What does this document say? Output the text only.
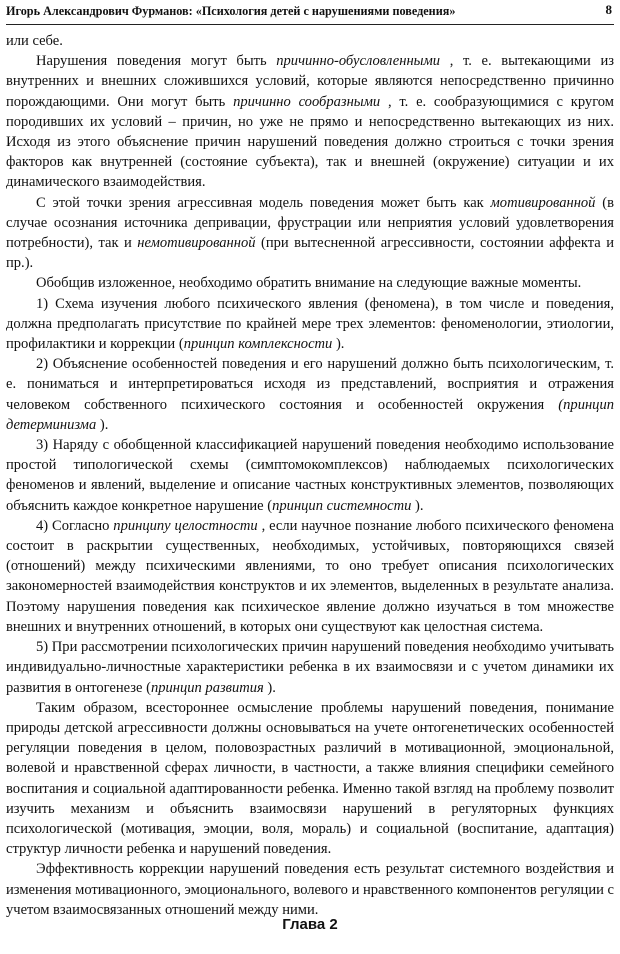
Игорь Александрович Фурманов: «Психология детей с нарушениями поведения»	8

или себе.

Нарушения поведения могут быть причинно-обусловленными , т. е. вытекающими из внутренних и внешних сложившихся условий, которые являются непосредственно причинно порождающими. Они могут быть причинно сообразными , т. е. сообразующимися с кругом породивших их условий – причин, но уже не прямо и непосредственно вытекающих из них. Исходя из этого объяснение причин нарушений поведения должно строиться с точки зрения факторов как внутренней (состояние субъекта), так и внешней (окружение) ситуации и их динамического взаимодействия.

С этой точки зрения агрессивная модель поведения может быть как мотивированной (в случае осознания источника депривации, фрустрации или неприятия условий удовлетворения потребности), так и немотивированной (при вытесненной агрессивности, состоянии аффекта и пр.).

Обобщив изложенное, необходимо обратить внимание на следующие важные моменты.

1) Схема изучения любого психического явления (феномена), в том числе и поведения, должна предполагать присутствие по крайней мере трех элементов: феноменологии, этиологии, профилактики и коррекции (принцип комплексности ).

2) Объяснение особенностей поведения и его нарушений должно быть психологическим, т. е. пониматься и интерпретироваться исходя из представлений, восприятия и отражения человеком собственного психического состояния и особенностей окружения (принцип детерминизма ).

3) Наряду с обобщенной классификацией нарушений поведения необходимо использование простой типологической схемы (симптомокомплексов) наблюдаемых психологических феноменов и явлений, выделение и описание частных конструктивных элементов, позволяющих объяснить каждое конкретное нарушение (принцип системности ).

4) Согласно принципу целостности , если научное познание любого психического феномена состоит в раскрытии существенных, необходимых, устойчивых, повторяющихся связей (отношений) между психическими явлениями, то оно требует описания психологических закономерностей взаимодействия конструктов и их элементов, выделенных в результате анализа. Поэтому нарушения поведения как психическое явление должно изучаться в том множестве внешних и внутренних отношений, в которых они существуют как целостная система.

5) При рассмотрении психологических причин нарушений поведения необходимо учитывать индивидуально-личностные характеристики ребенка в их взаимосвязи и с учетом динамики их развития в онтогенезе (принцип развития ).

Таким образом, всестороннее осмысление проблемы нарушений поведения, понимание природы детской агрессивности должны основываться на учете онтогенетических особенностей регуляции поведения в целом, половозрастных различий в мотивационной, эмоциональной, волевой и нравственной сферах личности, в частности, а также влияния специфики семейного воспитания и социальной адаптированности ребенка. Именно такой взгляд на проблему позволит изучить механизм и объяснить взаимосвязи нарушений в регуляторных функциях психологической (мотивация, эмоции, воля, мораль) и социальной (воспитание, адаптация) структур личности ребенка и нарушений поведения.

Эффективность коррекции нарушений поведения есть результат системного воздействия и изменения мотивационного, эмоционального, волевого и нравственного компонентов регуляции с учетом взаимосвязанных отношений между ними.

Глава 2
